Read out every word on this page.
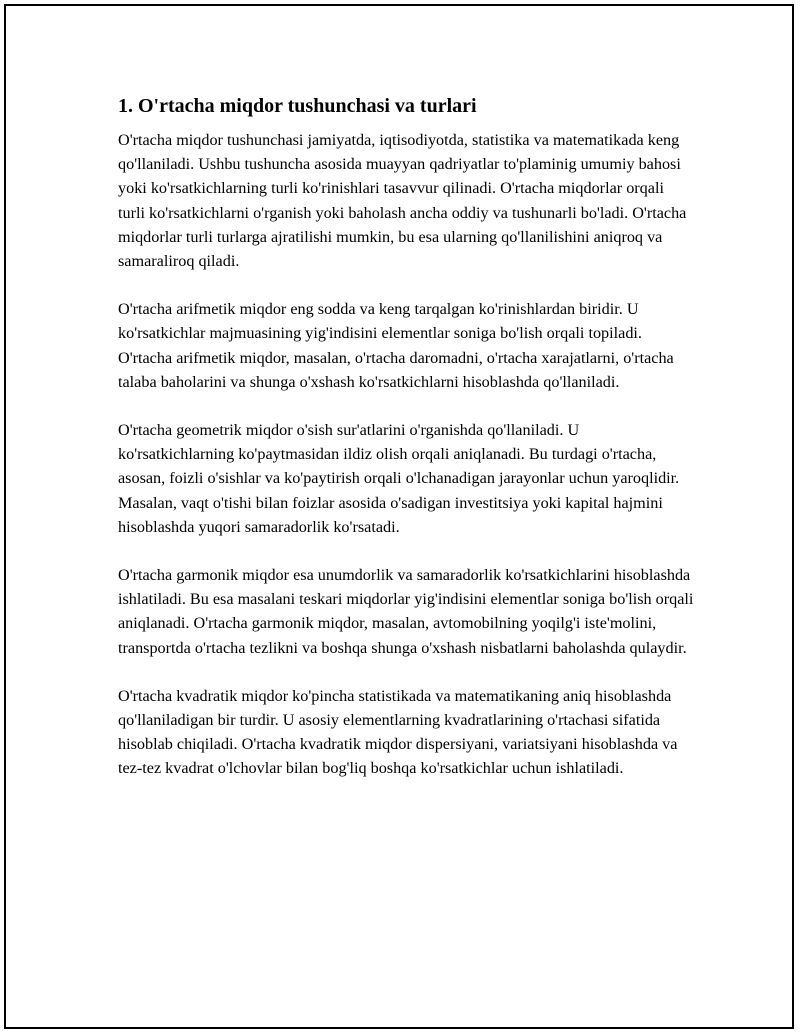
1. O'rtacha miqdor tushunchasi va turlari

O'rtacha miqdor tushunchasi jamiyatda, iqtisodiyotda, statistika va matematikada keng qo'llaniladi. Ushbu tushuncha asosida muayyan qadriyatlar to'plaminig umumiy bahosi yoki ko'rsatkichlarning turli ko'rinishlari tasavvur qilinadi. O'rtacha miqdorlar orqali turli ko'rsatkichlarni o'rganish yoki baholash ancha oddiy va tushunarli bo'ladi. O'rtacha miqdorlar turli turlarga ajratilishi mumkin, bu esa ularning qo'llanilishini aniqroq va samaraliroq qiladi.

O'rtacha arifmetik miqdor eng sodda va keng tarqalgan ko'rinishlardan biridir. U ko'rsatkichlar majmuasining yig'indisini elementlar soniga bo'lish orqali topiladi. O'rtacha arifmetik miqdor, masalan, o'rtacha daromadni, o'rtacha xarajatlarni, o'rtacha talaba baholarini va shunga o'xshash ko'rsatkichlarni hisoblashda qo'llaniladi.

O'rtacha geometrik miqdor o'sish sur'atlarini o'rganishda qo'llaniladi. U ko'rsatkichlarning ko'paytmasidan ildiz olish orqali aniqlanadi. Bu turdagi o'rtacha, asosan, foizli o'sishlar va ko'paytirish orqali o'lchanadigan jarayonlar uchun yaroqlidir. Masalan, vaqt o'tishi bilan foizlar asosida o'sadigan investitsiya yoki kapital hajmini hisoblashda yuqori samaradorlik ko'rsatadi.

O'rtacha garmonik miqdor esa unumdorlik va samaradorlik ko'rsatkichlarini hisoblashda ishlatiladi. Bu esa masalani teskari miqdorlar yig'indisini elementlar soniga bo'lish orqali aniqlanadi. O'rtacha garmonik miqdor, masalan, avtomobilning yoqilg'i iste'molini, transportda o'rtacha tezlikni va boshqa shunga o'xshash nisbatlarni baholashda qulaydir.

O'rtacha kvadratik miqdor ko'pincha statistikada va matematikaning aniq hisoblashda qo'llaniladigan bir turdir. U asosiy elementlarning kvadratlarining o'rtachasi sifatida hisoblab chiqiladi. O'rtacha kvadratik miqdor dispersiyani, variatsiyani hisoblashda va tez-tez kvadrat o'lchovlar bilan bog'liq boshqa ko'rsatkichlar uchun ishlatiladi.
